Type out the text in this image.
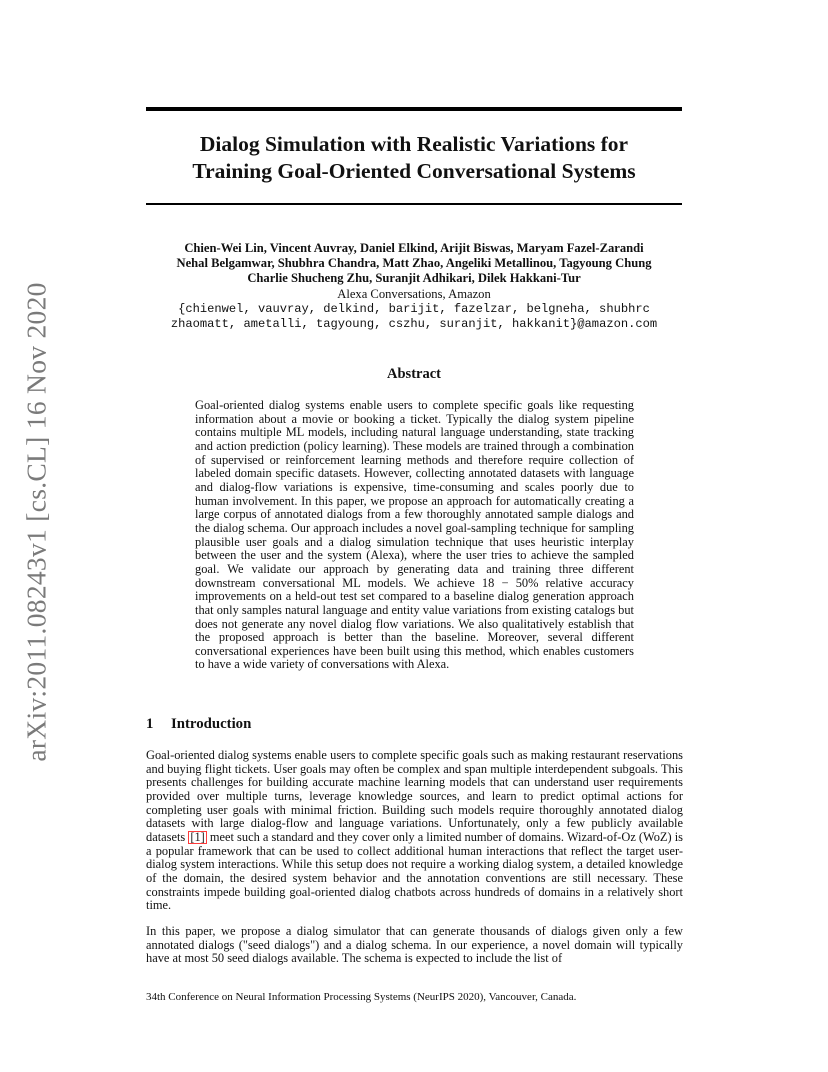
arXiv:2011.08243v1 [cs.CL] 16 Nov 2020
Dialog Simulation with Realistic Variations for
Training Goal-Oriented Conversational Systems
Chien-Wei Lin, Vincent Auvray, Daniel Elkind, Arijit Biswas, Maryam Fazel-Zarandi
Nehal Belgamwar, Shubhra Chandra, Matt Zhao, Angeliki Metallinou, Tagyoung Chung
Charlie Shucheng Zhu, Suranjit Adhikari, Dilek Hakkani-Tur
Alexa Conversations, Amazon
{chienwel, vauvray, delkind, barijit, fazelzar, belgneha, shubhrc
zhaomatt, ametalli, tagyoung, cszhu, suranjit, hakkanit}@amazon.com
Abstract

Goal-oriented dialog systems enable users to complete specific goals like requesting information about a movie or booking a ticket. Typically the dialog system pipeline contains multiple ML models, including natural language understanding, state tracking and action prediction (policy learning). These models are trained through a combination of supervised or reinforcement learning methods and therefore require collection of labeled domain specific datasets. However, collecting annotated datasets with language and dialog-flow variations is expensive, time-consuming and scales poorly due to human involvement. In this paper, we propose an approach for automatically creating a large corpus of annotated dialogs from a few thoroughly annotated sample dialogs and the dialog schema. Our approach includes a novel goal-sampling technique for sampling plausible user goals and a dialog simulation technique that uses heuristic interplay between the user and the system (Alexa), where the user tries to achieve the sampled goal. We validate our approach by generating data and training three different downstream conversational ML models. We achieve 18 − 50% relative accuracy improvements on a held-out test set compared to a baseline dialog generation approach that only samples natural language and entity value variations from existing catalogs but does not generate any novel dialog flow variations. We also qualitatively establish that the proposed approach is better than the baseline. Moreover, several different conversational experiences have been built using this method, which enables customers to have a wide variety of conversations with Alexa.

1 Introduction

Goal-oriented dialog systems enable users to complete specific goals such as making restaurant reservations and buying flight tickets. User goals may often be complex and span multiple interdependent subgoals. This presents challenges for building accurate machine learning models that can understand user requirements provided over multiple turns, leverage knowledge sources, and learn to predict optimal actions for completing user goals with minimal friction. Building such models require thoroughly annotated dialog datasets with large dialog-flow and language variations. Unfortunately, only a few publicly available datasets [1] meet such a standard and they cover only a limited number of domains. Wizard-of-Oz (WoZ) is a popular framework that can be used to collect additional human interactions that reflect the target user-dialog system interactions. While this setup does not require a working dialog system, a detailed knowledge of the domain, the desired system behavior and the annotation conventions are still necessary. These constraints impede building goal-oriented dialog chatbots across hundreds of domains in a relatively short time.

In this paper, we propose a dialog simulator that can generate thousands of dialogs given only a few annotated dialogs ("seed dialogs") and a dialog schema. In our experience, a novel domain will typically have at most 50 seed dialogs available. The schema is expected to include the list of

34th Conference on Neural Information Processing Systems (NeurIPS 2020), Vancouver, Canada.
